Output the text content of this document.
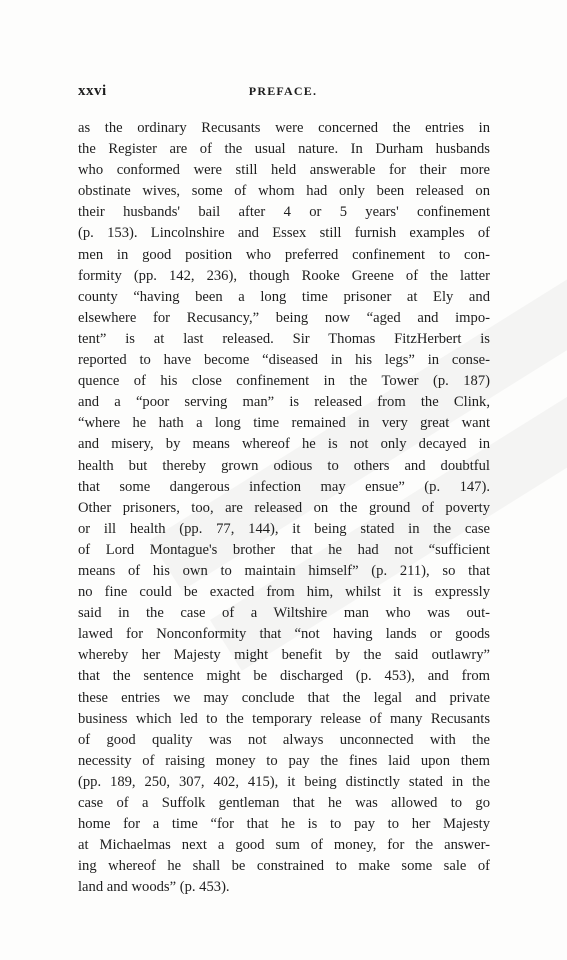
xxvi	PREFACE.
as the ordinary Recusants were concerned the entries in
the Register are of the usual nature. In Durham husbands
who conformed were still held answerable for their more
obstinate wives, some of whom had only been released on
their husbands' bail after 4 or 5 years' confinement
(p. 153). Lincolnshire and Essex still furnish examples of
men in good position who preferred confinement to con-
formity (pp. 142, 236), though Rooke Greene of the latter
county “having been a long time prisoner at Ely and
elsewhere for Recusancy,” being now “aged and impo-
tent” is at last released. Sir Thomas FitzHerbert is
reported to have become “diseased in his legs” in conse-
quence of his close confinement in the Tower (p. 187)
and a “poor serving man” is released from the Clink,
“where he hath a long time remained in very great want
and misery, by means whereof he is not only decayed in
health but thereby grown odious to others and doubtful
that some dangerous infection may ensue” (p. 147).
Other prisoners, too, are released on the ground of poverty
or ill health (pp. 77, 144), it being stated in the case
of Lord Montague's brother that he had not “sufficient
means of his own to maintain himself” (p. 211), so that
no fine could be exacted from him, whilst it is expressly
said in the case of a Wiltshire man who was out-
lawed for Nonconformity that “not having lands or goods
whereby her Majesty might benefit by the said outlawry”
that the sentence might be discharged (p. 453), and from
these entries we may conclude that the legal and private
business which led to the temporary release of many Recusants
of good quality was not always unconnected with the
necessity of raising money to pay the fines laid upon them
(pp. 189, 250, 307, 402, 415), it being distinctly stated in the
case of a Suffolk gentleman that he was allowed to go
home for a time “for that he is to pay to her Majesty
at Michaelmas next a good sum of money, for the answer-
ing whereof he shall be constrained to make some sale of
land and woods” (p. 453).
